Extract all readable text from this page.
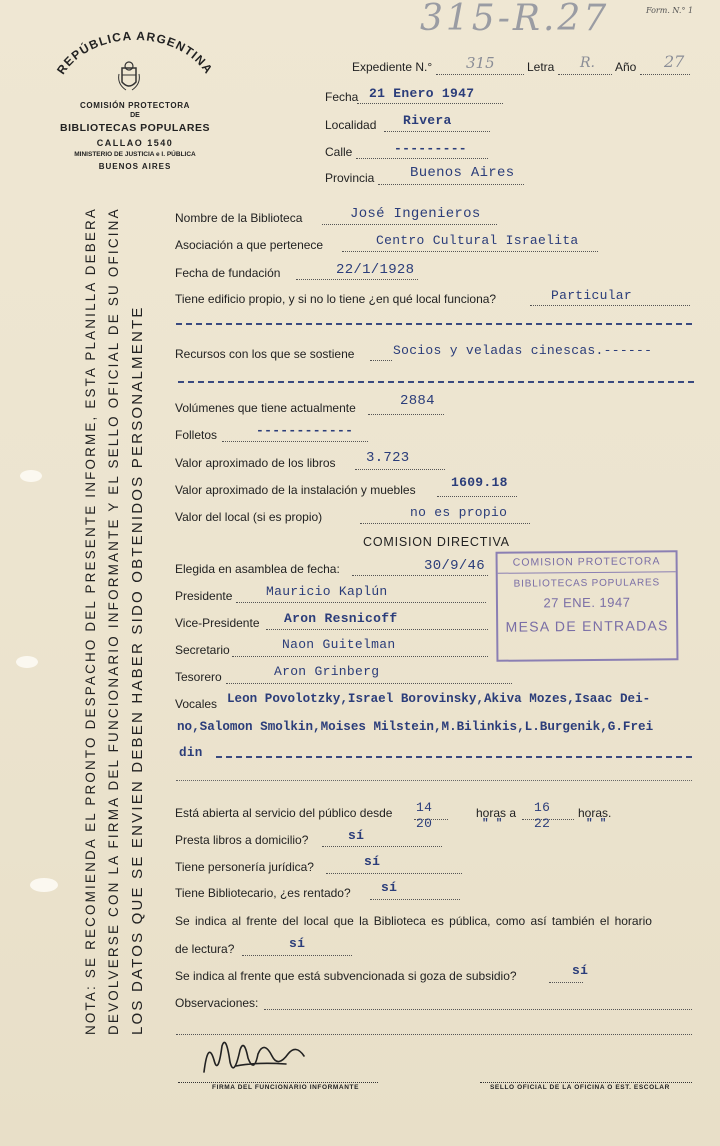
REPÚBLICA ARGENTINA
COMISIÓN PROTECTORA
DE
BIBLIOTECAS POPULARES
CALLAO 1540
MINISTERIO DE JUSTICIA e I. PÚBLICA
BUENOS AIRES
315-R.27	Form. N.° 1
Expediente N.° 315	Letra R. Año 27
Fecha 21 Enero 1947
Localidad Rivera
Calle	---------
Provincia	Buenos Aires
Nombre de la Biblioteca	José Ingenieros
Asociación a que pertenece	Centro Cultural Israelita
Fecha de fundación	22/1/1928
Tiene edificio propio, y si no lo tiene ¿en qué local funciona?	Particular
Recursos con los que se sostiene	Socios y veladas cinescas.------
Volúmenes que tiene actualmente	2884
Folletos	------------
Valor aproximado de los libros 3.723
Valor aproximado de la instalación y muebles	1609.18
Valor del local (si es propio)	no es propio
COMISION DIRECTIVA
Elegida en asamblea de fecha:	30/9/46
Presidente	Mauricio Kaplún
Vice-Presidente Aron Resnicoff
Secretario	Naon Guitelman
Tesorero	Aron Grinberg
Vocales Leon Povolotzky,Israel Borovinsky,Akiva Mozes,Isaac Dei-
no,Salomon Smolkin,Moises Milstein,M.Bilinkis,L.Burgenik,G.Frei
din
COMISION PROTECTORA
BIBLIOTECAS POPULARES
27 ENE. 1947
MESA DE ENTRADAS
Está abierta al servicio del público desde 14
20
horas a 16
22
" "	" "
horas.
Presta libros a domicilio?	sí
Tiene personería jurídica?	sí
Tiene Bibliotecario, ¿es rentado? sí
Se indica al frente del local que la Biblioteca es pública, como así también el horario
de lectura?	sí
Se indica al frente que está subvencionada si goza de subsidio?	sí
Observaciones:
FIRMA DEL FUNCIONARIO INFORMANTE	SELLO OFICIAL DE LA OFICINA O EST. ESCOLAR
NOTA: SE RECOMIENDA EL PRONTO DESPACHO DEL PRESENTE INFORME, ESTA PLANILLA DEBERA DEVOLVERSE CON LA FIRMA DEL FUNCIONARIO INFORMANTE Y EL SELLO OFICIAL DE SU OFICINA LOS DATOS QUE SE ENVIEN DEBEN HABER SIDO OBTENIDOS PERSONALMENTE
